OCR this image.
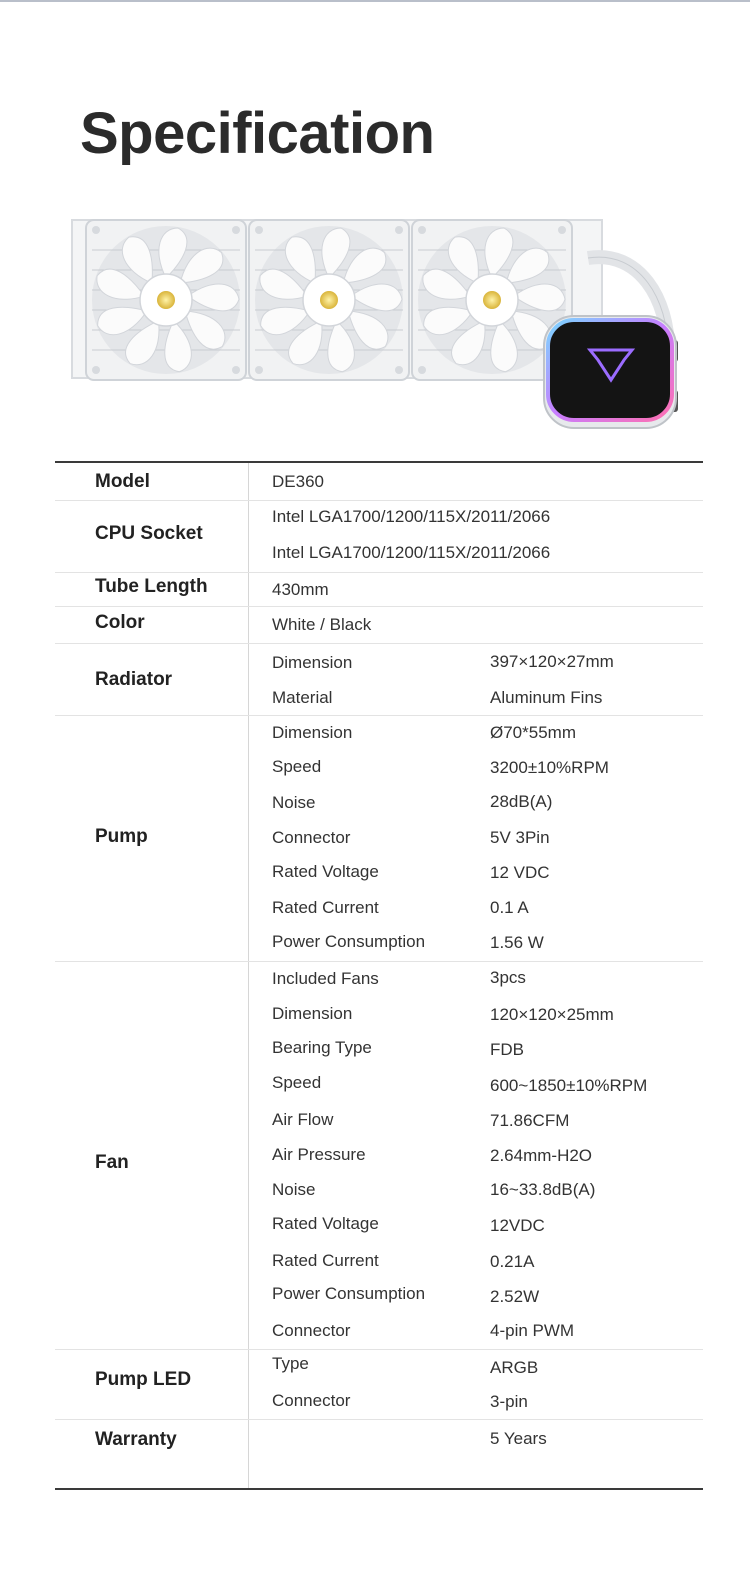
Specification
Model	DE360
CPU Socket
Intel LGA1700/1200/115X/2011/2066
Intel LGA1700/1200/115X/2011/2066
Tube Length	430mm
Color	White / Black
Radiator
Dimension	397×120×27mm
Material	Aluminum Fins
Pump
Dimension	Ø70*55mm
Speed	3200±10%RPM
Noise	28dB(A)
Connector	5V 3Pin
Rated Voltage	12 VDC
Rated Current	0.1 A
Power Consumption	1.56 W
Fan
Included Fans	3pcs
Dimension	120×120×25mm
Bearing Type	FDB
Speed	600~1850±10%RPM
Air Flow	71.86CFM
Air Pressure	2.64mm-H2O
Noise	16~33.8dB(A)
Rated Voltage	12VDC
Rated Current	0.21A
Power Consumption	2.52W
Connector	4-pin PWM
Pump LED
Type	ARGB
Connector	3-pin
Warranty	5 Years
